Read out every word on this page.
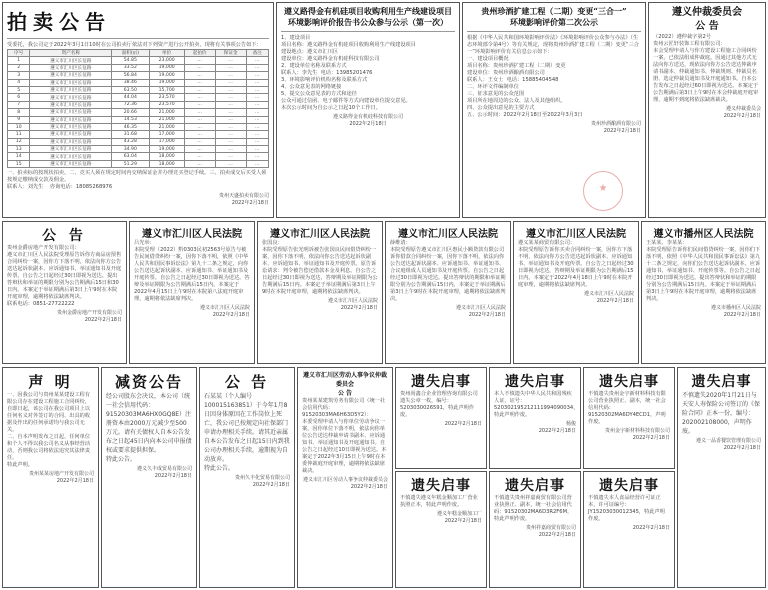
拍卖公告
受委托，我公司定于2022年3月1日10时在公司拍卖厅依法对下列资产进行公开拍卖，现将有关事项公告如下：
序号	资产名称	面积(㎡)	单价	起拍价	保证金	备注
1	遵义市汇川区长征路	54.85	23,000	…	…	…
2	遵义市汇川区长征路	33.52	19,000	…	…	…
3	遵义市汇川区长征路	56.84	19,000	…	…	…
4	遵义市汇川区长征路	38.46	19,000	…	…	…
5	遵义市汇川区长征路	63.50	15,700	…	…	…
6	遵义市汇川区长征路	44.04	23,570	…	…	…
7	遵义市汇川区长征路	72.36	23,570	…	…	…
8	遵义市汇川区长征路	20.66	21,000	…	…	…
9	遵义市汇川区长征路	14.53	21,000	…	…	…
10	遵义市汇川区长征路	46.35	21,000	…	…	…
11	遵义市汇川区长征路	31.68	17,000	…	…	…
12	遵义市汇川区长征路	43.28	17,000	…	…	…
13	遵义市汇川区长征路	34.90	19,000	…	…	…
14	遵义市汇川区长征路	63.04	18,000	…	…	…
15	遵义市汇川区长征路	51.29	18,000	…	…	…
一、拍卖标的按现状拍卖。二、竞买人须在规定时间内交纳保证金并办理竞买登记手续。三、拍卖成交后买受人须按规定缴纳成交款及佣金。
联系人：刘先生    咨询电话：18085268976
贵州天盛拍卖有限公司
2022年2月18日
遵义路得金有机硅项目收购利用生产线建设项目
环境影响评价报告书公众参与公示（第一次）
1、建设项目
项目名称：遵义路得金有机硅项目收购利用生产线建设项目
建设地点：遵义市汇川区
建设单位：遵义路得金有机硅科技有限公司
2、建设单位名称及联系方式
联系人：李先生  电话：13985201476
3、环境影响评价机构名称及联系方式
4、公众意见表的网络链接
5、提交公众意见表的方式和途径
公众可通过信函、电子邮件等方式向建设单位提交意见。
本次公示时间为自公示之日起10个工作日。
遵义路得金有机硅科技有限公司
2022年2月18日
贵州珍酒扩建工程（二期）变更“三合一”
环境影响评价第二次公示
根据《中华人民共和国环境影响评价法》《环境影响评价公众参与办法》（生态环境部令第4号）等有关规定，现将贵州珍酒扩建工程（二期）变更“三合一”环境影响评价有关信息公示如下：
一、建设项目概况
项目名称：贵州珍酒扩建工程（二期）变更
建设单位：贵州珍酒酿酒有限公司
联系人：王女士  电话：15885404548
二、环评文件编制单位
三、征求意见的公众范围
项目所在地周边的公众、法人及其他组织。
四、公众提出意见的主要方式
五、公示时间：2022年2月18日至2022年3月3日
贵州珍酒酿酒有限公司
2022年2月18日
★
遵义仲裁委员会
公 告
（2022）遵仲裁字第2号
贵州云匠轩装饰工程有限公司：
本会受理申请人与你方建设工程施工合同纠纷一案，已依法组成仲裁庭。因通过其他方式无法向你方送达，现依法向你方公告送达仲裁申请书副本、仲裁通知书、仲裁规则、仲裁员名册、选定仲裁员通知书及开庭通知书。自本公告发布之日起经过60日即视为送达。本案定于公告期满后第3日上午9时在本会仲裁庭开庭审理，逾期不到庭将依法缺席裁决。
遵义仲裁委员会
2022年2月18日
公 告
贵州金爵房地产开发有限公司：
遵义市汇川区人民法院受理原告诉你方商品房预售合同纠纷一案，因你方下落不明，依法向你方公告送达起诉状副本、应诉通知书、举证通知书及开庭传票。自公告之日起经过30日即视为送达。提出答辩状和举证的期限分别为公告期满后15日和30日内。本案定于举证期满后第3日上午9时在本院开庭审理，逾期将依法缺席判决。
联系电话：0851-27722222
贵州金爵房地产开发有限公司
2022年2月18日
遵义市汇川区人民法院
吕光举：
本院受理（2022）黔0303民初2563号原告与被告民间借贷纠纷一案，因你下落不明，依照《中华人民共和国民事诉讼法》第九十二条之规定，向你公告送达起诉状副本、应诉通知书、举证通知书及开庭传票。自公告之日起经过30日即视为送达。答辩及举证期限为公告期满后15日内。本案定于2022年4月15日上午9时在本院第八法庭开庭审理，逾期将依法缺席判决。
遵义市汇川区人民法院
2022年2月18日
遵义市汇川区人民法院
张国良：
本院受理原告张光明诉被告张国良民间借贷纠纷一案，因你下落不明，依法向你公告送达起诉状副本、应诉通知书、举证通知书及开庭传票。原告诉讼请求：判令被告偿还借款本金及利息。自公告之日起经过30日即视为送达，答辩期及举证期限为公告期满后15日内。本案定于举证期满后第3日上午9时在本院开庭审理，逾期将依法缺席判决。
遵义市汇川区人民法院
2022年2月18日
遵义市汇川区人民法院
薛维清：
本院受理原告遵义市汇川区惠民小额贷款有限公司诉你借款合同纠纷一案，因你下落不明，依法向你公告送达起诉状副本、应诉通知书、举证通知书、合议庭组成人员通知书及开庭传票。自公告之日起经过30日即视为送达。提出答辩状的期限和举证期限分别为公告期满后15日内，本案定于举证期满后第3日上午9时在本院开庭审理，逾期将依法缺席判决。
遵义市汇川区人民法院
2022年2月18日
遵义市汇川区人民法院
遵义某某商贸有限公司：
本院受理原告诉你买卖合同纠纷一案，因你方下落不明，依法向你方公告送达起诉状副本、应诉通知书、举证通知书及开庭传票。自公告之日起经过30日即视为送达，答辩期及举证期限为公告期满后15日内。本案定于2022年4月18日上午9时在本院开庭审理，逾期将依法缺席判决。
遵义市汇川区人民法院
2022年2月18日
遵义市播州区人民法院
王某某、李某某：
本院受理原告诉你们民间借贷纠纷一案，因你们下落不明，依照《中华人民共和国民事诉讼法》第九十二条之规定，向你们公告送达起诉状副本、应诉通知书、举证通知书、开庭传票等。自公告之日起经过30日即视为送达。提出答辩状和举证的期限分别为公告期满后15日内。本案定于举证期满后第3日上午9时在本院开庭审理，逾期将依法缺席判决。
遵义市播州区人民法院
2022年2月18日
声 明
一、因我公司与贵州某某建设工程有限公司存在建设工程施工合同纠纷，自即日起，该公司在我公司项目上以任何名义对外签订的合同、出具的收据及作出的任何承诺均与我公司无关。
二、自本声明发布之日起，任何单位和个人不得以我公司名义从事经营活动，否则我公司将依法追究其法律责任。
特此声明。
贵州某某房地产开发有限公司
2022年2月18日
减资公告
经公司股东会决议，本公司（统一社会信用代码：91520303MA6HX0GQ8E）注册资本由2000万元减少至500万元。请有关债权人自本公告发布之日起45日内向本公司申报债权或要求提供担保。
特此公告。
遵义久丰成贸易有限公司
2022年2月18日
公 告
石某某（个人编号100015163851）于今年1月8日因身体原因在工作岗位上死亡，我公司已按规定向社保部门申请办理相关手续。请其近亲属自本公告发布之日起15日内到我公司办理相关手续，逾期视为自动放弃。
特此公告。
贵州久丰化贸易有限公司
2022年2月18日
遵义市汇川区劳动人事争议仲裁委员会
公 告
贵州某某建筑劳务有限公司（统一社会信用代码：91520303MA6H63D5Y2）：
本委受理申请人与你单位劳动争议一案，因你单位下落不明，依法向你单位公告送达仲裁申请书副本、应诉通知书、举证通知书及开庭通知书。自公告之日起经过10日即视为送达。本案定于2022年3月15日上午9时在本委仲裁庭开庭审理，逾期将依法缺席裁决。
遵义市汇川区劳动人事争议仲裁委员会
2022年2月18日
遗失启事
贵州尚鑫合企业管理咨询有限公司遗失公章一枚，编号：5203030026591，特此声明作废。
2022年2月18日
遗失启事
本人不慎遗失中华人民共和国残疾人证，证号：520302195212111994090034，特此声明作废。
杨俊
2022年2月18日
遗失启事
不慎遗失贵州金宇新材料科技有限公司营业执照正、副本，统一社会信用代码：91520302MA6DY4ECD1，声明作废。
贵州金宇新材料科技有限公司
2022年2月18日
遗失启事
不慎遗失2020年1月21日与天安人寿保险公司签订的《保险合同》正本一份，编号：202002108000，声明作废。
遵义一品香餐饮管理有限公司
2022年2月18日
遗失启事
不慎遗失遵义年糕金顺加工厂营业执照正本，特此声明作废。
遵义年糕金顺加工厂
2022年2月18日
遗失启事
不慎遗失贵州祥嘉商贸有限公司营业执照正、副本，统一社会信用代码：91520302MA6D3R2F6M，特此声明作废。
贵州祥嘉商贸有限公司
2022年2月18日
遗失启事
不慎遗失本人食品经营许可证正本，许可证编号：JY15203030012345，特此声明作废。
2022年2月18日
